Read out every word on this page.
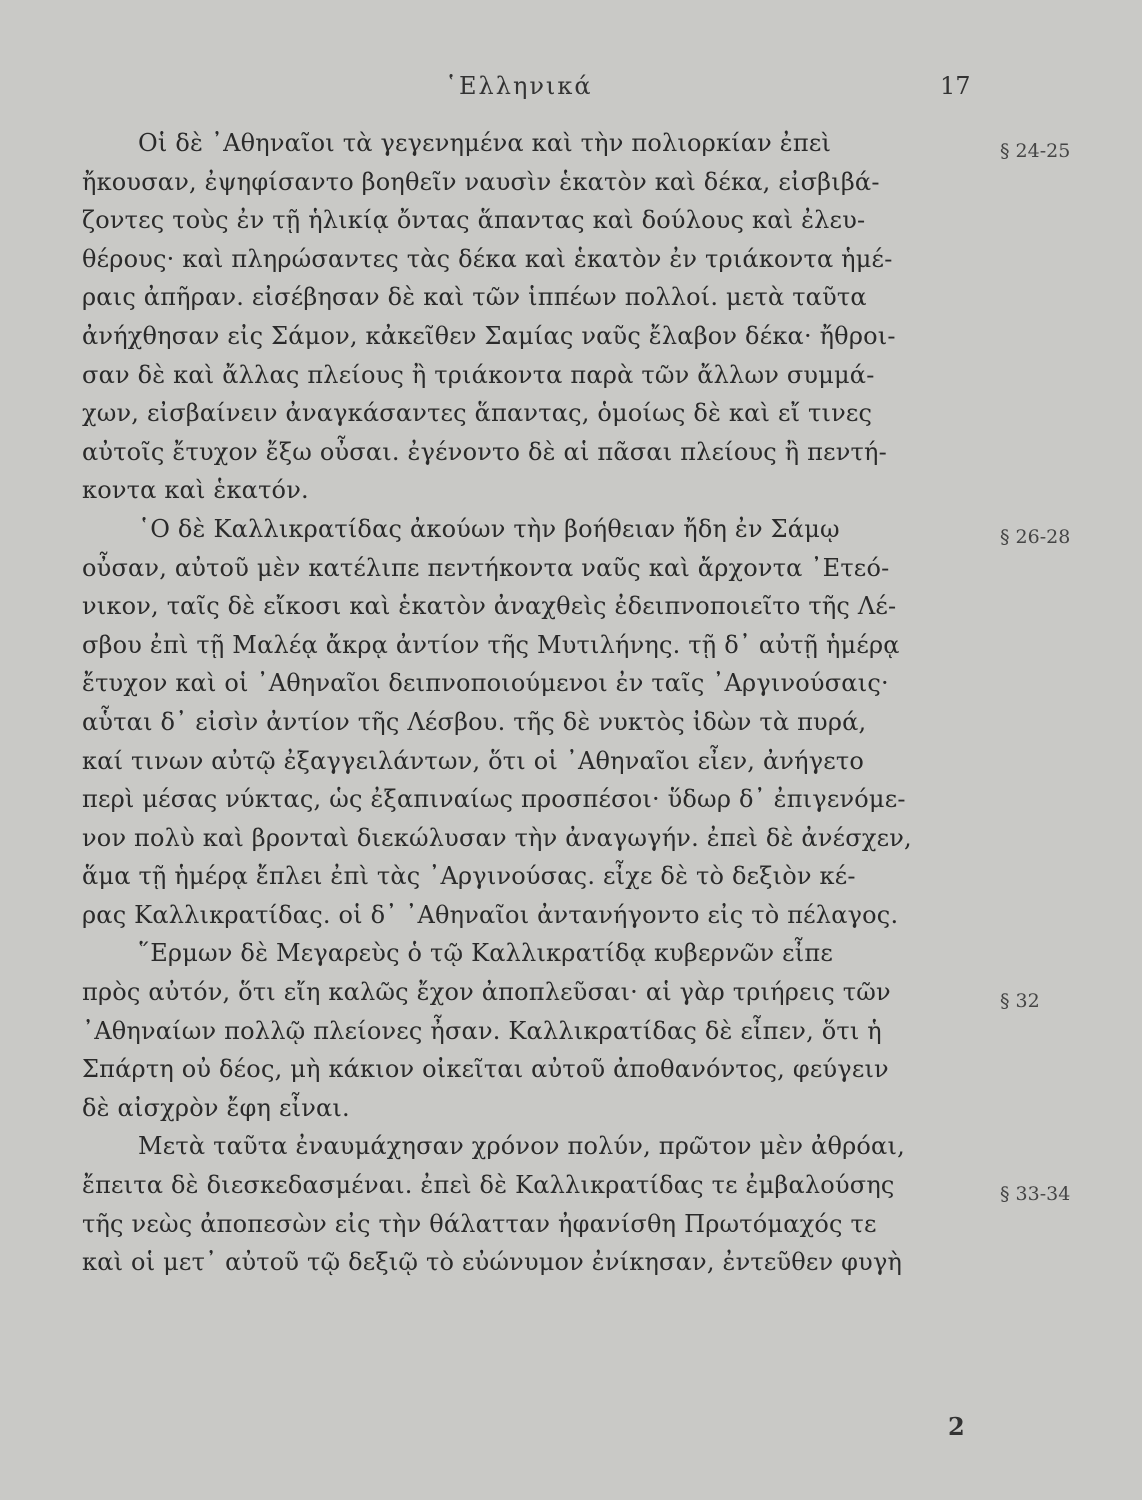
῾Ελληνικά	17
§ 24-25
§ 26-28
§ 32
§ 33-34
Οἱ δὲ ᾽Αθηναῖοι τὰ γεγενημένα καὶ τὴν πολιορκίαν ἐπεὶ
ἤκουσαν, ἐψηφίσαντο βοηθεῖν ναυσὶν ἑκατὸν καὶ δέκα, εἰσβιβά-
ζοντες τοὺς ἐν τῇ ἡλικίᾳ ὄντας ἅπαντας καὶ δούλους καὶ ἐλευ-
θέρους· καὶ πληρώσαντες τὰς δέκα καὶ ἑκατὸν ἐν τριάκοντα ἡμέ-
ραις ἀπῆραν. εἰσέβησαν δὲ καὶ τῶν ἱππέων πολλοί. μετὰ ταῦτα
ἀνήχθησαν εἰς Σάμον, κἀκεῖθεν Σαμίας ναῦς ἔλαβον δέκα· ἤθροι-
σαν δὲ καὶ ἄλλας πλείους ἢ τριάκοντα παρὰ τῶν ἄλλων συμμά-
χων, εἰσβαίνειν ἀναγκάσαντες ἅπαντας, ὁμοίως δὲ καὶ εἴ τινες
αὐτοῖς ἔτυχον ἔξω οὖσαι. ἐγένοντο δὲ αἱ πᾶσαι πλείους ἢ πεντή-
κοντα καὶ ἑκατόν.
῾Ο δὲ Καλλικρατίδας ἀκούων τὴν βοήθειαν ἤδη ἐν Σάμῳ
οὖσαν, αὐτοῦ μὲν κατέλιπε πεντήκοντα ναῦς καὶ ἄρχοντα ᾽Ετεό-
νικον, ταῖς δὲ εἴκοσι καὶ ἑκατὸν ἀναχθεὶς ἐδειπνοποιεῖτο τῆς Λέ-
σβου ἐπὶ τῇ Μαλέᾳ ἄκρᾳ ἀντίον τῆς Μυτιλήνης. τῇ δ᾽ αὐτῇ ἡμέρᾳ
ἔτυχον καὶ οἱ ᾽Αθηναῖοι δειπνοποιούμενοι ἐν ταῖς ᾽Αργινούσαις·
αὗται δ᾽ εἰσὶν ἀντίον τῆς Λέσβου. τῆς δὲ νυκτὸς ἰδὼν τὰ πυρά,
καί τινων αὐτῷ ἐξαγγειλάντων, ὅτι οἱ ᾽Αθηναῖοι εἶεν, ἀνήγετο
περὶ μέσας νύκτας, ὡς ἐξαπιναίως προσπέσοι· ὕδωρ δ᾽ ἐπιγενόμε-
νον πολὺ καὶ βρονταὶ διεκώλυσαν τὴν ἀναγωγήν. ἐπεὶ δὲ ἀνέσχεν,
ἅμα τῇ ἡμέρᾳ ἔπλει ἐπὶ τὰς ᾽Αργινούσας. εἶχε δὲ τὸ δεξιὸν κέ-
ρας Καλλικρατίδας. οἱ δ᾽ ᾽Αθηναῖοι ἀντανήγοντο εἰς τὸ πέλαγος.
῞Ερμων δὲ Μεγαρεὺς ὁ τῷ Καλλικρατίδᾳ κυβερνῶν εἶπε
πρὸς αὐτόν, ὅτι εἴη καλῶς ἔχον ἀποπλεῦσαι· αἱ γὰρ τριήρεις τῶν
᾽Αθηναίων πολλῷ πλείονες ἦσαν. Καλλικρατίδας δὲ εἶπεν, ὅτι ἡ
Σπάρτη οὐ δέος, μὴ κάκιον οἰκεῖται αὐτοῦ ἀποθανόντος, φεύγειν
δὲ αἰσχρὸν ἔφη εἶναι.
Μετὰ ταῦτα ἐναυμάχησαν χρόνον πολύν, πρῶτον μὲν ἀθρόαι,
ἔπειτα δὲ διεσκεδασμέναι. ἐπεὶ δὲ Καλλικρατίδας τε ἐμβαλούσης
τῆς νεὼς ἀποπεσὼν εἰς τὴν θάλατταν ἠφανίσθη Πρωτόμαχός τε
καὶ οἱ μετ᾽ αὐτοῦ τῷ δεξιῷ τὸ εὐώνυμον ἐνίκησαν, ἐντεῦθεν φυγὴ
2
